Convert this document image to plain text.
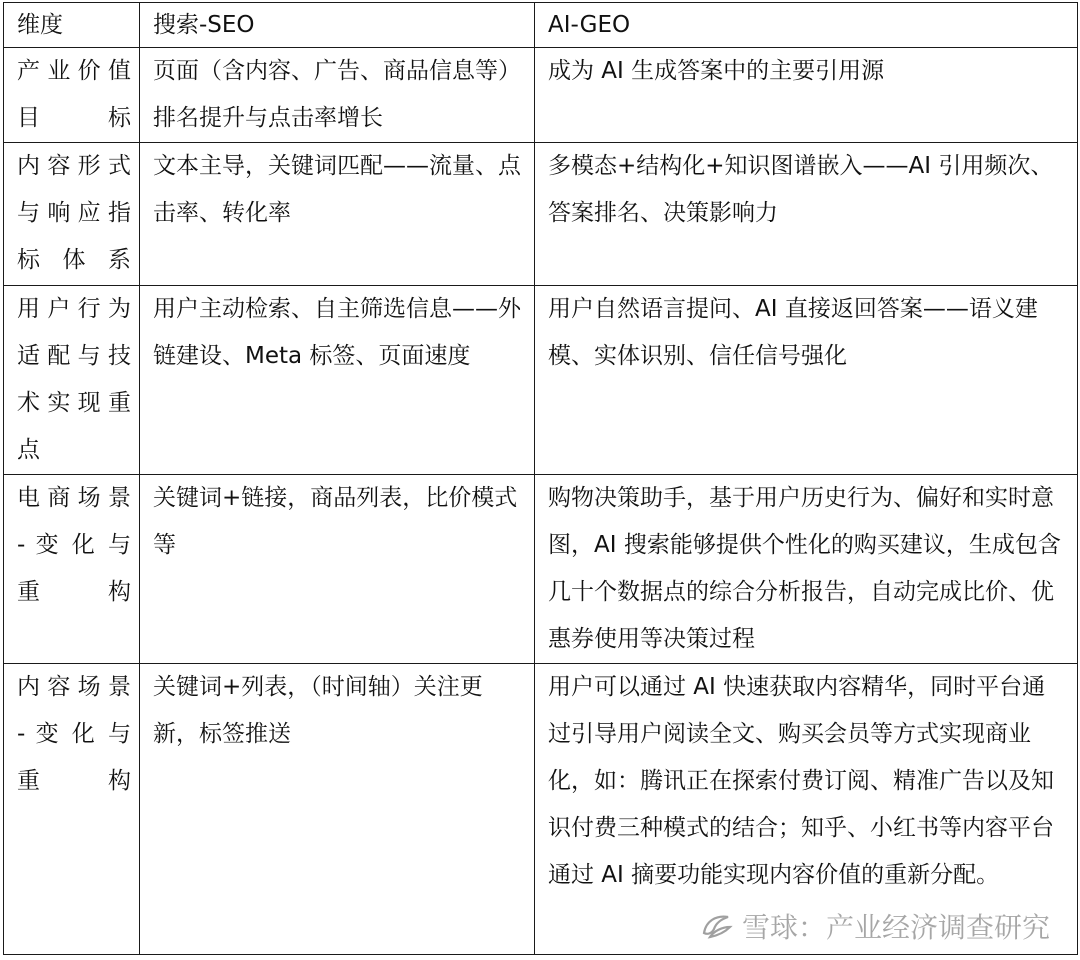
维度	搜索-SEO	AI-GEO

产业价值
目标	页面（含内容、广告、商品信息等）排名提升与点击率增长	成为 AI 生成答案中的主要引用源

内容形式
与响应指
标体系	文本主导，关键词匹配——流量、点击率、转化率	多模态+结构化+知识图谱嵌入——AI 引用频次、答案排名、决策影响力

用户行为
适配与技
术实现重
点	用户主动检索、自主筛选信息——外链建设、Meta 标签、页面速度	用户自然语言提问、AI 直接返回答案——语义建模、实体识别、信任信号强化

电商场景
- 变 化 与
重构	关键词+链接，商品列表，比价模式等	购物决策助手，基于用户历史行为、偏好和实时意图，AI 搜索能够提供个性化的购买建议，生成包含几十个数据点的综合分析报告，自动完成比价、优惠券使用等决策过程

内容场景
- 变 化 与
重构	关键词+列表，（时间轴）关注更新，标签推送	用户可以通过 AI 快速获取内容精华，同时平台通过引导用户阅读全文、购买会员等方式实现商业化，如：腾讯正在探索付费订阅、精准广告以及知识付费三种模式的结合；知乎、小红书等内容平台通过 AI 摘要功能实现内容价值的重新分配。
雪球：产业经济调查研究
